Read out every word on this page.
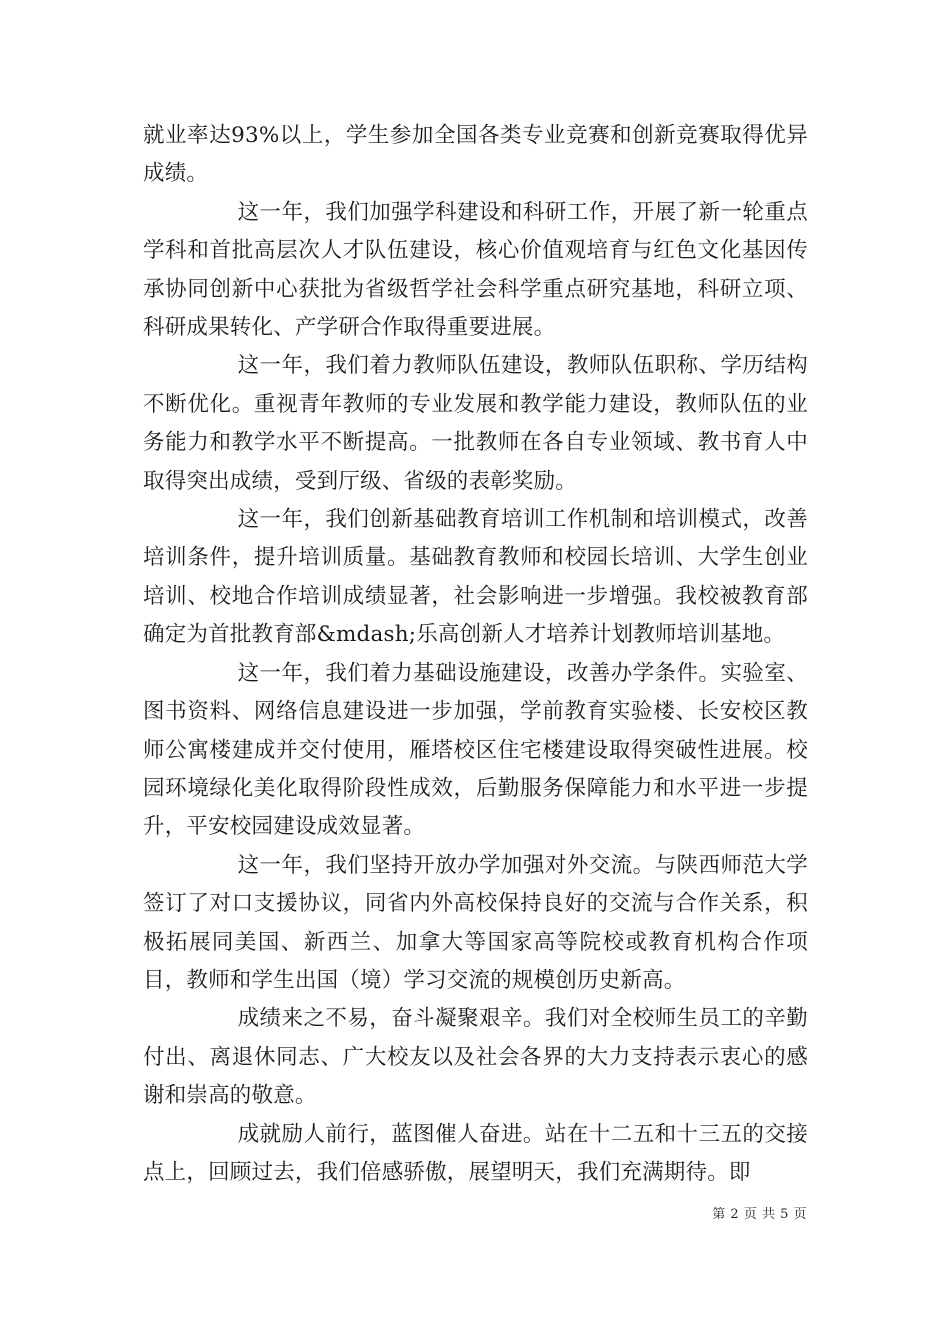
就业率达93%以上，学生参加全国各类专业竞赛和创新竞赛取得优异成绩。

这一年，我们加强学科建设和科研工作，开展了新一轮重点学科和首批高层次人才队伍建设，核心价值观培育与红色文化基因传承协同创新中心获批为省级哲学社会科学重点研究基地，科研立项、科研成果转化、产学研合作取得重要进展。

这一年，我们着力教师队伍建设，教师队伍职称、学历结构不断优化。重视青年教师的专业发展和教学能力建设，教师队伍的业务能力和教学水平不断提高。一批教师在各自专业领域、教书育人中取得突出成绩，受到厅级、省级的表彰奖励。

这一年，我们创新基础教育培训工作机制和培训模式，改善培训条件，提升培训质量。基础教育教师和校园长培训、大学生创业培训、校地合作培训成绩显著，社会影响进一步增强。我校被教育部确定为首批教育部&mdash;乐高创新人才培养计划教师培训基地。

这一年，我们着力基础设施建设，改善办学条件。实验室、图书资料、网络信息建设进一步加强，学前教育实验楼、长安校区教师公寓楼建成并交付使用，雁塔校区住宅楼建设取得突破性进展。校园环境绿化美化取得阶段性成效，后勤服务保障能力和水平进一步提升，平安校园建设成效显著。

这一年，我们坚持开放办学加强对外交流。与陕西师范大学签订了对口支援协议，同省内外高校保持良好的交流与合作关系，积极拓展同美国、新西兰、加拿大等国家高等院校或教育机构合作项目，教师和学生出国（境）学习交流的规模创历史新高。

成绩来之不易，奋斗凝聚艰辛。我们对全校师生员工的辛勤付出、离退休同志、广大校友以及社会各界的大力支持表示衷心的感谢和崇高的敬意。

成就励人前行，蓝图催人奋进。站在十二五和十三五的交接点上，回顾过去，我们倍感骄傲，展望明天，我们充满期待。即

第 2 页 共 5 页
